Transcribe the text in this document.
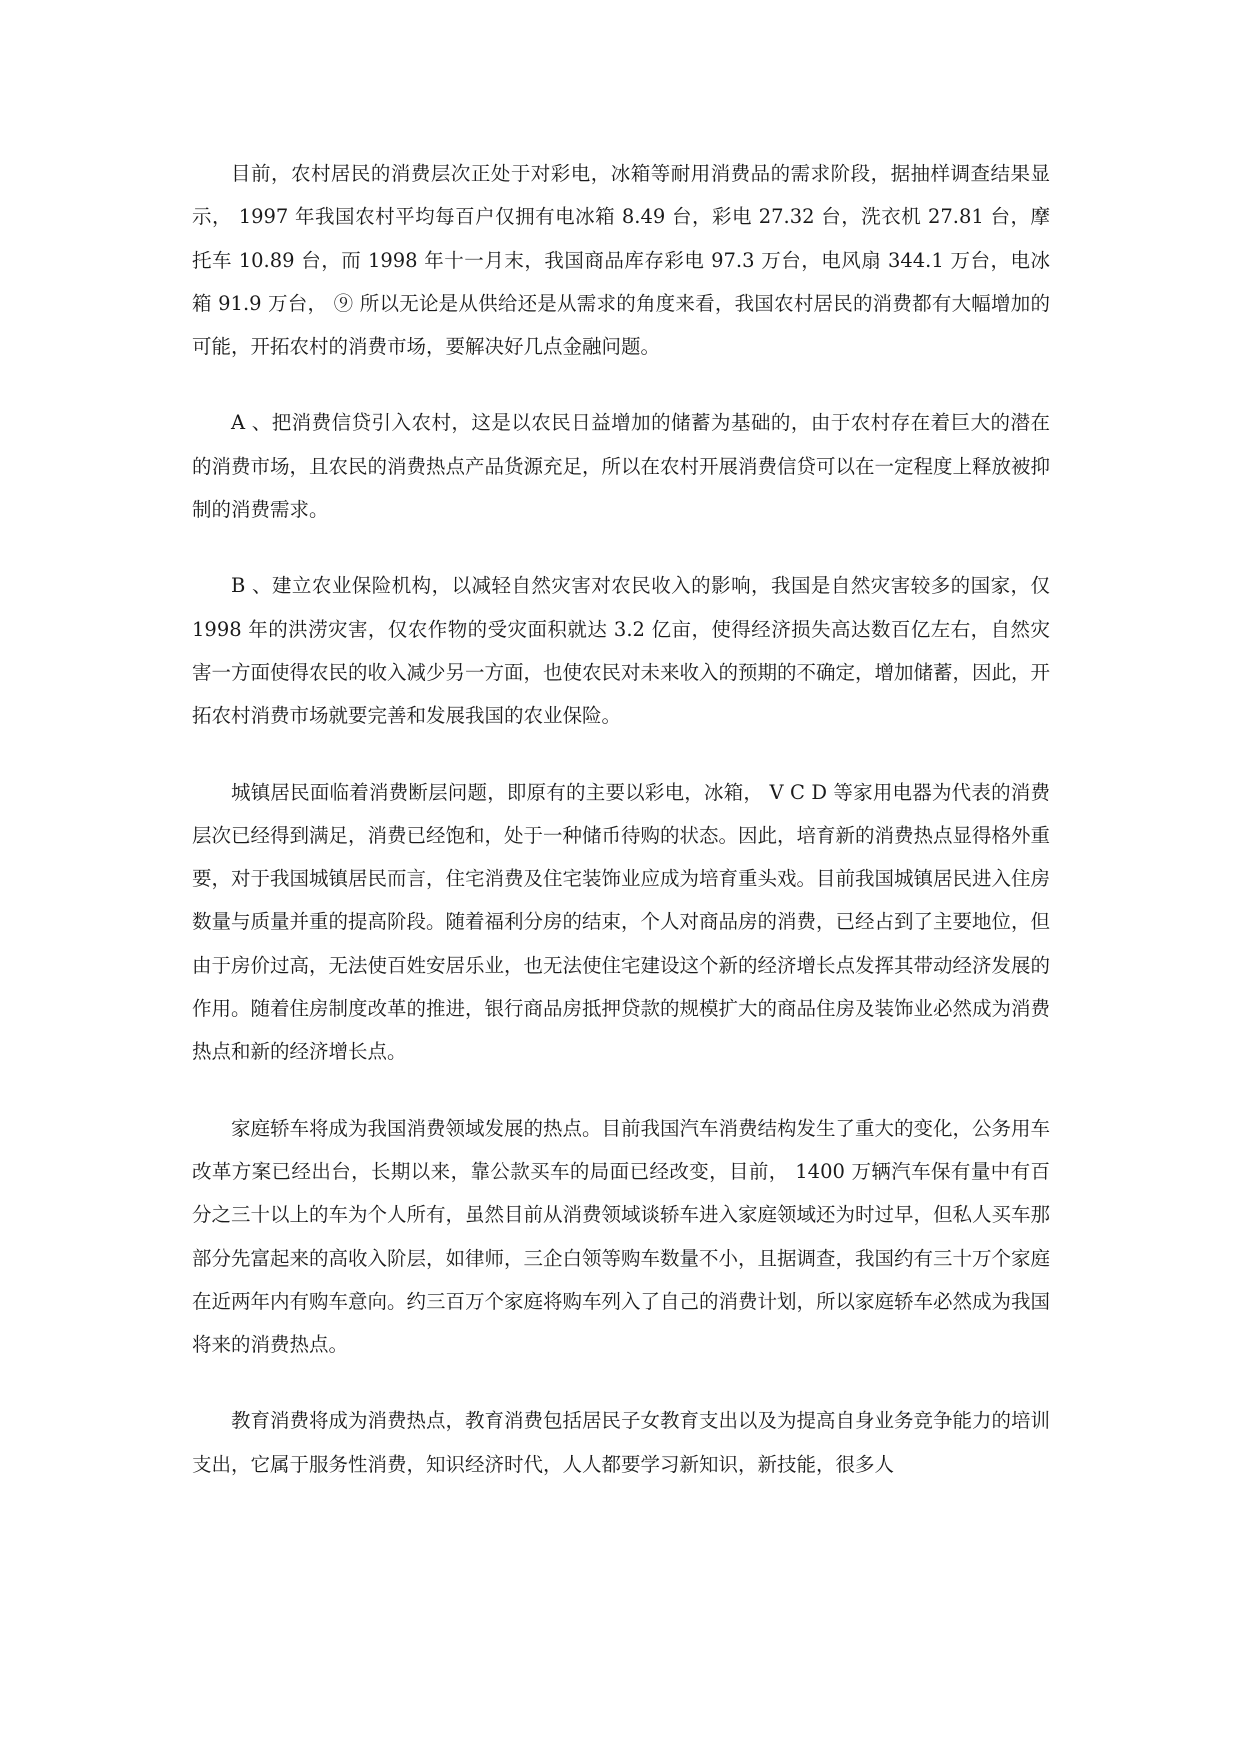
目前，农村居民的消费层次正处于对彩电，冰箱等耐用消费品的需求阶段，据抽样调查结果显示， 1997 年我国农村平均每百户仅拥有电冰箱 8.49 台，彩电 27.32 台，洗衣机 27.81 台，摩托车 10.89 台，而 1998 年十一月末，我国商品库存彩电 97.3 万台，电风扇 344.1 万台，电冰箱 91.9 万台， ⑨ 所以无论是从供给还是从需求的角度来看，我国农村居民的消费都有大幅增加的可能，开拓农村的消费市场，要解决好几点金融问题。

A 、把消费信贷引入农村，这是以农民日益增加的储蓄为基础的，由于农村存在着巨大的潜在的消费市场，且农民的消费热点产品货源充足，所以在农村开展消费信贷可以在一定程度上释放被抑制的消费需求。

B 、建立农业保险机构，以减轻自然灾害对农民收入的影响，我国是自然灾害较多的国家，仅 1998 年的洪涝灾害，仅农作物的受灾面积就达 3.2 亿亩，使得经济损失高达数百亿左右，自然灾害一方面使得农民的收入减少另一方面，也使农民对未来收入的预期的不确定，增加储蓄，因此，开拓农村消费市场就要完善和发展我国的农业保险。

城镇居民面临着消费断层问题，即原有的主要以彩电，冰箱， V C D 等家用电器为代表的消费层次已经得到满足，消费已经饱和，处于一种储币待购的状态。因此，培育新的消费热点显得格外重要，对于我国城镇居民而言，住宅消费及住宅装饰业应成为培育重头戏。目前我国城镇居民进入住房数量与质量并重的提高阶段。随着福利分房的结束，个人对商品房的消费，已经占到了主要地位，但由于房价过高，无法使百姓安居乐业，也无法使住宅建设这个新的经济增长点发挥其带动经济发展的作用。随着住房制度改革的推进，银行商品房抵押贷款的规模扩大的商品住房及装饰业必然成为消费热点和新的经济增长点。

家庭轿车将成为我国消费领域发展的热点。目前我国汽车消费结构发生了重大的变化，公务用车改革方案已经出台，长期以来，靠公款买车的局面已经改变，目前， 1400 万辆汽车保有量中有百分之三十以上的车为个人所有，虽然目前从消费领域谈轿车进入家庭领域还为时过早，但私人买车那部分先富起来的高收入阶层，如律师，三企白领等购车数量不小，且据调查，我国约有三十万个家庭在近两年内有购车意向。约三百万个家庭将购车列入了自己的消费计划，所以家庭轿车必然成为我国将来的消费热点。

教育消费将成为消费热点，教育消费包括居民子女教育支出以及为提高自身业务竞争能力的培训支出，它属于服务性消费，知识经济时代，人人都要学习新知识，新技能，很多人
